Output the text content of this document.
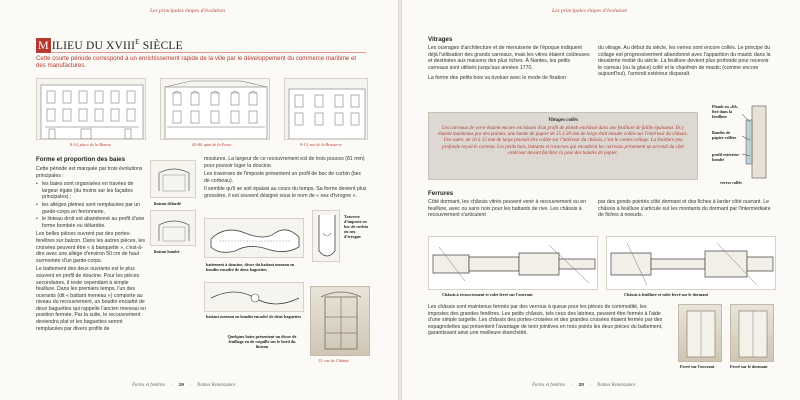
Les principales étapes d'évolution
M ILIEU DU $XVIII^E$ SIÈCLE
Cette courte période correspond à un enrichissement rapide de la ville par le développement du commerce maritime et des manufactures.
8-14, place de la Bourse	42-46, quai de la Fosse	9-13, rue de la Brasserie
Forme et proportion des baies
Cette période est marquée par trois évolutions principales :
• les baies sont organisées en travées de largeur égale (du moins sur les façades principales) ;
• les allèges pleines sont remplacées par un garde-corps en ferronnerie,
• le linteau droit est abandonné au profit d'une forme bombée ou délardée.
Les belles pièces ouvrent par des portes-fenêtres sur balcon. Dans les autres pièces, les croisées peuvent être « à banquette », c'est-à-dire avec une allège d'environ 50 cm de haut surmontée d'un garde-corps.
Le battement des deux ouvrants est le plus souvent en profil de doucine. Pour les pièces secondaires, il reste cependant à simple feuillure. Dans les premiers temps, l'un des ouvrants (dit « battant meneau ») comporte au niveau du recouvrement, un boudin encadré de deux baguettes qui rappelle l'ancien meneau en position fermée. Par la suite, le recouvrement deviendra plat et les baguettes seront remplacées par divers profils de
linteau délardé
linteau bombé
moulures. La largeur de ce recouvrement est de trois pouces (81 mm) pour pouvoir loger la doucine.
Les traverses de l'imposte présentent un profil de bec de corbin (bec de corbeau).
Il semble qu'il se soit épaissi au cours du temps. Sa forme devient plus grossière, il est souvent désigné sous le nom de « nez d'ivrogne ».
battement à doucine, décor du battant meneau en boudin encadré de deux baguettes
Traverse d'imposte en bec de corbin ou nez d'ivrogne
battant meneau en boudin encadré de deux baguettes
Quelques baies présentent un décor de feuillage ou de coquille sur le bord du linteau
13, rue de Châtine
Portes et fenêtres · 19 · Nantes Renaissance
Les principales étapes d'évolution
Vitrages
Les ouvrages d'architecture et de menuiserie de l'époque indiquent déjà l'utilisation des grands carreaux, mais les vitres étaient coûteuses et destinées aux maisons des plus riches. À Nantes, les petits carreaux sont utilisés jusqu'aux années 1770.
La forme des petits bois va évoluer avec le mode de fixation
du vitrage. Au début du siècle, les verres sont encore collés. Le principe du collage est progressivement abandonné avec l'apparition du mastic dans la deuxième moitié du siècle. La feuillure devient plus profonde pour recevoir le carreau (ou la glace) collé et le chanfrein de mastic (comme encore aujourd'hui), l'arrondi extérieur disparaît.
Vitrages collés
Les carreaux de verre étaient encore enchâssés d'un profil de plomb enchâssé dans une feuillure de faible épaisseur. Ils y étaient maintenus par des pointes, une bande de papier de 25 à 30 mm de large était ensuite collée sur l'intérieur du châssis. Une autre, de 10 à 12 mm de large pouvait être collée sur l'intérieur du châssis, c'est le contre-collage. La feuillure peu profonde reçoit le carreau. Les petits bois, battants et traverses qui encadrent les carreaux présentent un arrondi du côté extérieur devant faciliter la pose des bandes de papier.
Plomb en «fil» fixé dans la feuillure
Bandes de papier collées
profil extérieur bombé
verres collés
Ferrures
Côté dormant, les châssis vitrés peuvent venir à recouvrement ou en feuillure, avec ou sans noix pour les battants de rive. Les châssis à recouvrement s'articulent
par des gonds pointés côté dormant et des fiches à larder côté ouvrant. Le châssis à feuillure s'articule sur les montants du dormant par l'intermédiaire de fiches à noeuds.
Châssis à recouvrement et volet ferré sur l'ouvrant	Châssis à feuillure et volet ferré sur le dormant
Les châssis sont maintenus fermés par des verrous à queue pour les pièces de commodité, les impostes des grandes fenêtres. Les petits châssis, tels ceux des latrines, peuvent être fermés à l'aide d'une simple targette. Les châssis des portes-croisées et des grandes croisées étaient fermés par des espagnolettes qui présentent l'avantage de tenir jointives en trois points les deux pièces du battement, garantissant ainsi une meilleure étanchéité.
Ferré sur l'ouvrant	Ferré sur le dormant
Portes et fenêtres · 20 · Nantes Renaissance
